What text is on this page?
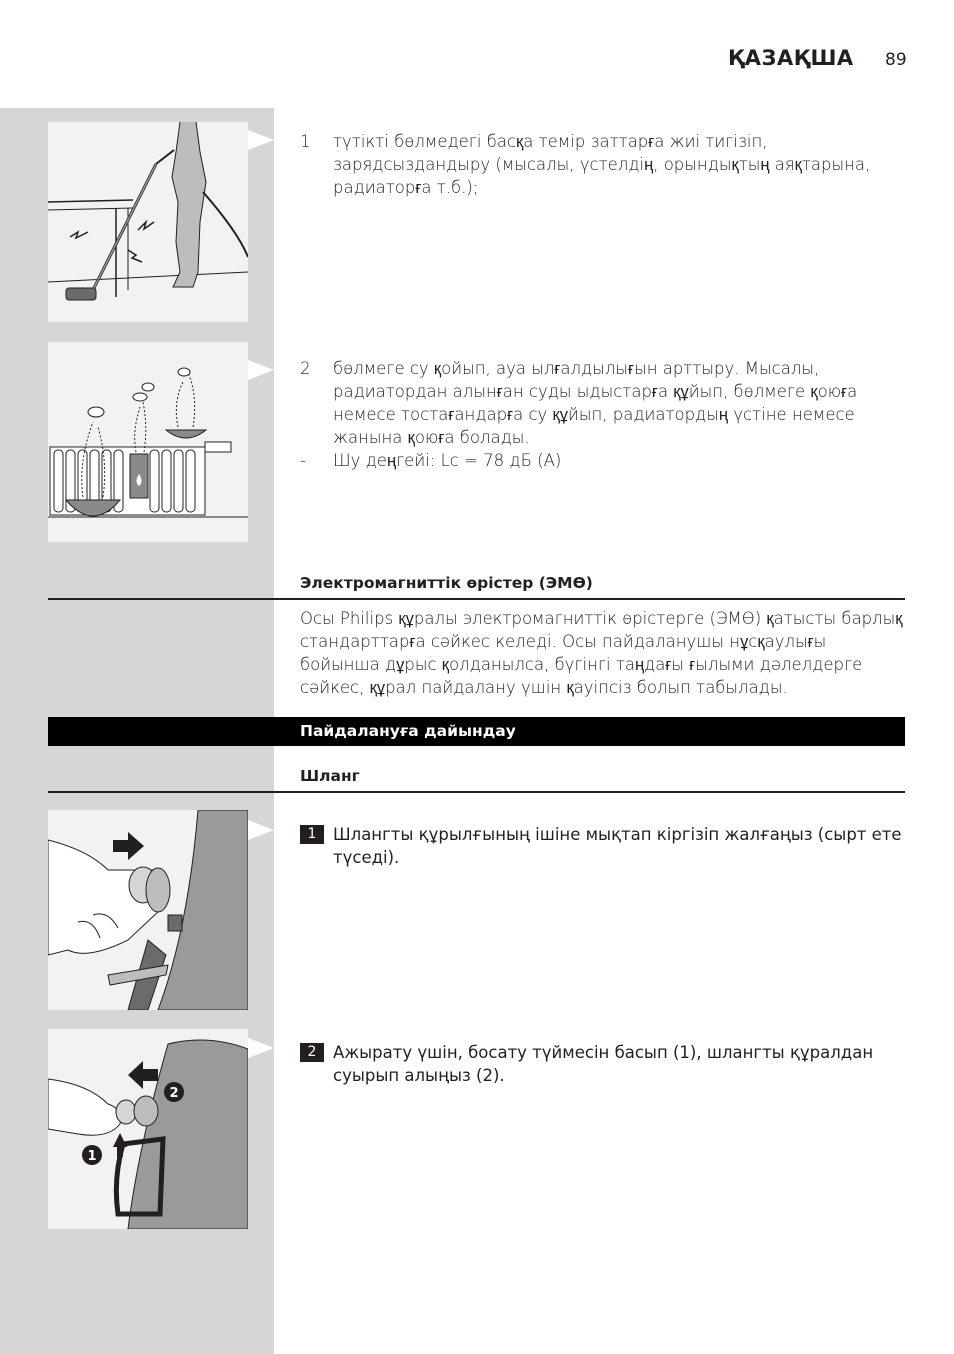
ҚАЗАҚША 89
1 түтікті бөлмедегі басқа темір заттарға жиі тигізіп, зарядсыздандыру (мысалы, үстелдің, орындықтың аяқтарына, радиаторға т.б.);
2 бөлмеге су қойып, ауа ылғалдылығын арттыру. Мысалы, радиатордан алынған суды ыдыстарға құйып, бөлмеге қоюға немесе тостағандарға су құйып, радиатордың үстіне немесе жанына қоюға болады.
- Шу деңгейі: Lc = 78 дБ (A)
Электромагниттік өрістер (ЭМӨ)
Осы Philips құралы электромагниттік өрістерге (ЭМӨ) қатысты барлық стандарттарға сәйкес келеді. Осы пайдаланушы нұсқаулығы бойынша дұрыс қолданылса, бүгінгі таңдағы ғылыми дәлелдерге сәйкес, құрал пайдалану үшін қауіпсіз болып табылады.
Пайдалануға дайындау
Шланг
2
1
1	Шлангты құрылғының ішіне мықтап кіргізіп жалғаңыз (сырт ете түседі).
2	Ажырату үшін, босату түймесін басып (1), шлангты құралдан суырып алыңыз (2).
